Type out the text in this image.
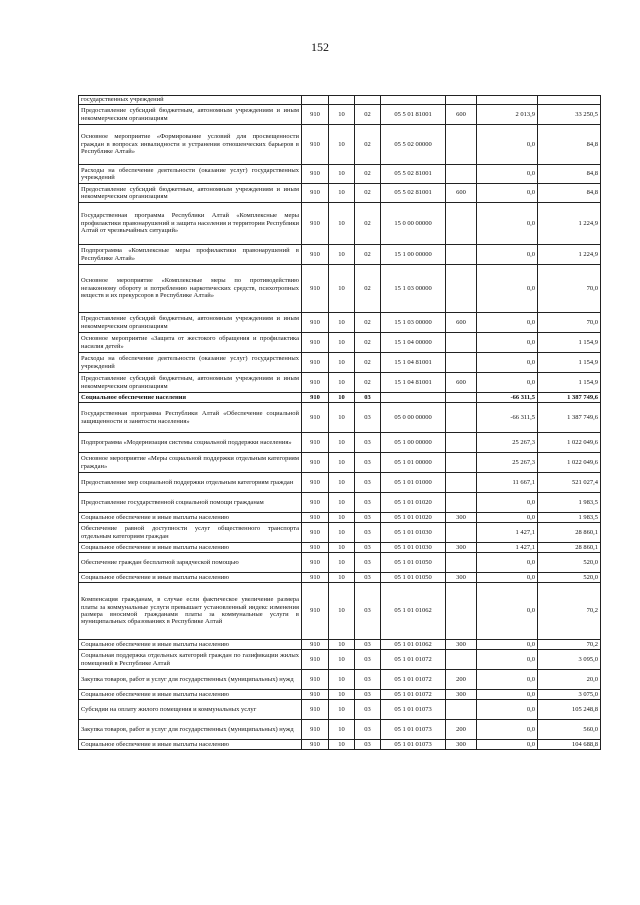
152
государственных учреждений							
Предоставление субсидий бюджетным, автономным учреждениям и иным некоммерческим организациям	910	10	02	05 5 01 81001	600	2 013,9	33 250,5
Основное мероприятие «Формирование условий для просвещенности граждан в вопросах инвалидности и устранения отношенческих барьеров в Республике Алтай»	910	10	02	05 5 02 00000		0,0	84,8
Расходы на обеспечение деятельности (оказание услуг) государственных учреждений	910	10	02	05 5 02 81001		0,0	84,8
Предоставление субсидий бюджетным, автономным учреждениям и иным некоммерческим организациям	910	10	02	05 5 02 81001	600	0,0	84,8
Государственная программа Республики Алтай «Комплексные меры профилактики правонарушений и защита населения и территории Республики Алтай от чрезвычайных ситуаций»	910	10	02	15 0 00 00000		0,0	1 224,9
Подпрограмма «Комплексные меры профилактики правонарушений в Республике Алтай»	910	10	02	15 1 00 00000		0,0	1 224,9
Основное мероприятие «Комплексные меры по противодействию незаконному обороту и потреблению наркотических средств, психотропных веществ и их прекурсоров в Республике Алтай»	910	10	02	15 1 03 00000		0,0	70,0
Предоставление субсидий бюджетным, автономным учреждениям и иным некоммерческим организациям	910	10	02	15 1 03 00000	600	0,0	70,0
Основное мероприятие «Защита от жестокого обращения и профилактика насилия детей»	910	10	02	15 1 04 00000		0,0	1 154,9
Расходы на обеспечение деятельности (оказание услуг) государственных учреждений	910	10	02	15 1 04 81001		0,0	1 154,9
Предоставление субсидий бюджетным, автономным учреждениям и иным некоммерческим организациям	910	10	02	15 1 04 81001	600	0,0	1 154,9
Социальное обеспечение населения	910	10	03			-66 311,5	1 387 749,6
Государственная программа Республики Алтай «Обеспечение социальной защищенности и занятости населения»	910	10	03	05 0 00 00000		-66 311,5	1 387 749,6
Подпрограмма «Модернизация системы социальной поддержки населения»	910	10	03	05 1 00 00000		25 267,3	1 022 049,6
Основное мероприятие «Меры социальной поддержки отдельным категориям граждан»	910	10	03	05 1 01 00000		25 267,3	1 022 049,6
Предоставление мер социальной поддержки отдельным категориям граждан	910	10	03	05 1 01 01000		11 667,1	521 027,4
Предоставление государственной социальной помощи гражданам	910	10	03	05 1 01 01020		0,0	1 983,5
Социальное обеспечение и иные выплаты населению	910	10	03	05 1 01 01020	300	0,0	1 983,5
Обеспечение равной доступности услуг общественного транспорта отдельным категориям граждан	910	10	03	05 1 01 01030		1 427,1	28 860,1
Социальное обеспечение и иные выплаты населению	910	10	03	05 1 01 01030	300	1 427,1	28 860,1
Обеспечение граждан бесплатной зарядческой помощью	910	10	03	05 1 01 01050		0,0	520,0
Социальное обеспечение и иные выплаты населению	910	10	03	05 1 01 01050	300	0,0	520,0
Компенсация гражданам, в случае если фактическое увеличение размера платы за коммунальные услуги превышает установленный индекс изменения размера вносимой гражданами платы за коммунальные услуги в муниципальных образованиях в Республике Алтай	910	10	03	05 1 01 01062		0,0	70,2
Социальное обеспечение и иные выплаты населению	910	10	03	05 1 01 01062	300	0,0	70,2
Социальная поддержка отдельных категорий граждан по газификации жилых помещений в Республике Алтай	910	10	03	05 1 01 01072		0,0	3 095,0
Закупка товаров, работ и услуг для государственных (муниципальных) нужд	910	10	03	05 1 01 01072	200	0,0	20,0
Социальное обеспечение и иные выплаты населению	910	10	03	05 1 01 01072	300	0,0	3 075,0
Субсидии на оплату жилого помещения и коммунальных услуг	910	10	03	05 1 01 01073		0,0	105 248,8
Закупка товаров, работ и услуг для государственных (муниципальных) нужд	910	10	03	05 1 01 01073	200	0,0	560,0
Социальное обеспечение и иные выплаты населению	910	10	03	05 1 01 01073	300	0,0	104 688,8
